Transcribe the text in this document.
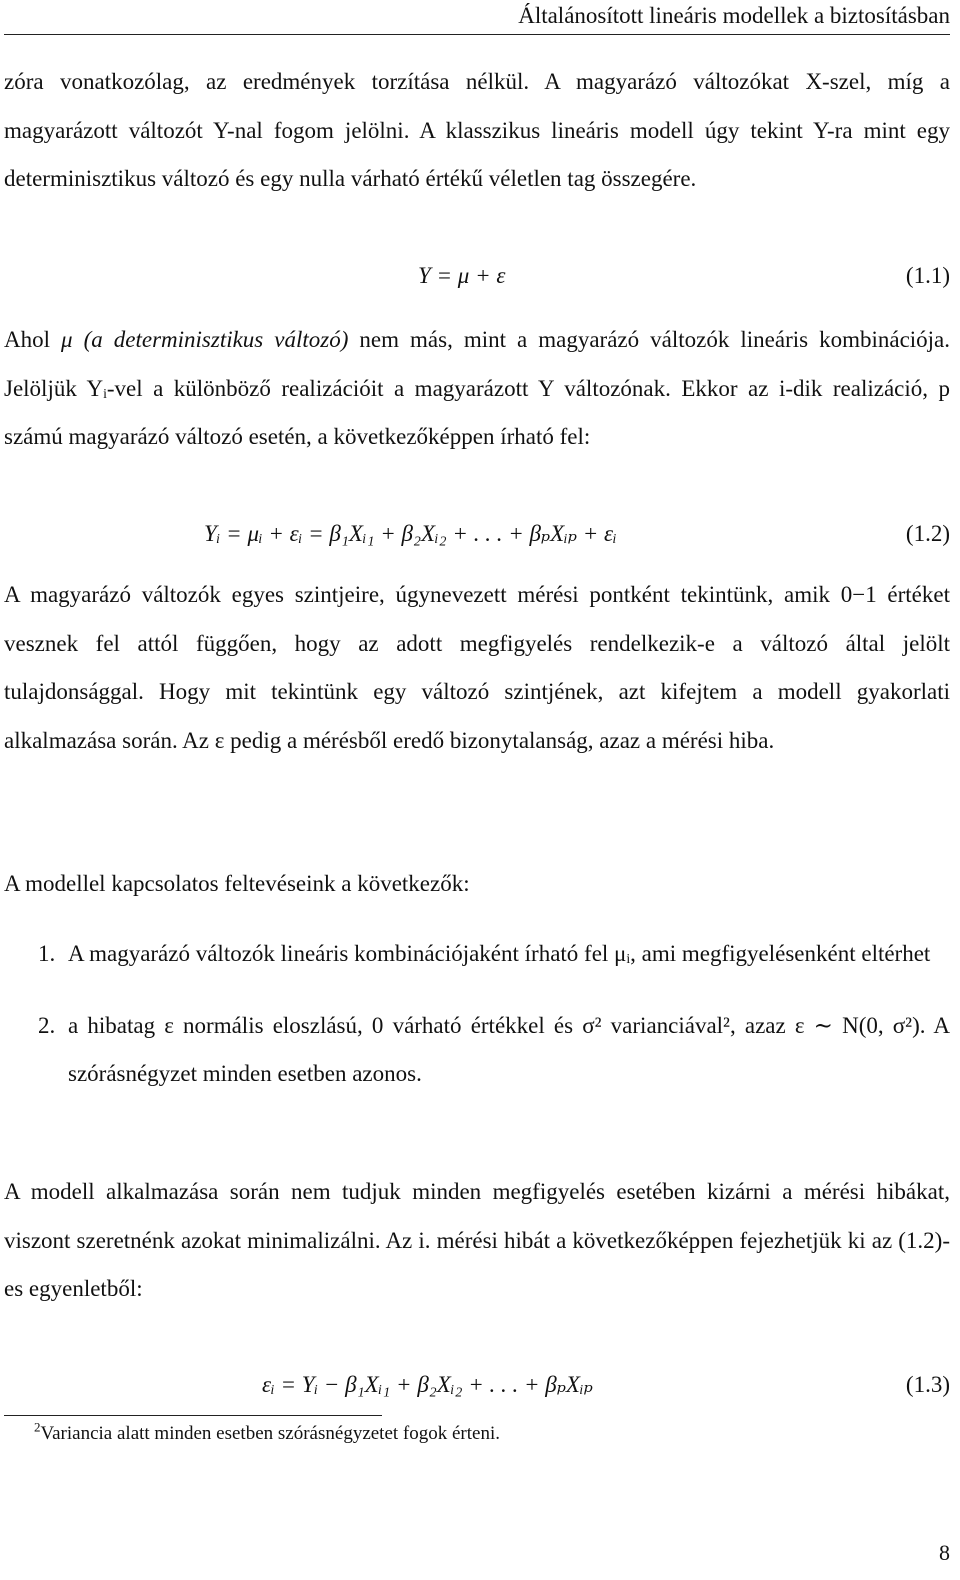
Általánosított lineáris modellek a biztosításban
zóra vonatkozólag, az eredmények torzítása nélkül. A magyarázó változókat X-szel, míg a magyarázott változót Y-nal fogom jelölni. A klasszikus lineáris modell úgy tekint Y-ra mint egy determinisztikus változó és egy nulla várható értékű véletlen tag összegére.
Y = μ + ε	(1.1)
Ahol μ (a determinisztikus változó) nem más, mint a magyarázó változók lineáris kombinációja. Jelöljük Yᵢ-vel a különböző realizációit a magyarázott Y változónak. Ekkor az i-dik realizáció, p számú magyarázó változó esetén, a következőképpen írható fel:
Yᵢ = μᵢ + εᵢ = β₁Xᵢ₁ + β₂Xᵢ₂ + . . . + βₚXᵢₚ + εᵢ	(1.2)
A magyarázó változók egyes szintjeire, úgynevezett mérési pontként tekintünk, amik 0−1 értéket vesznek fel attól függően, hogy az adott megfigyelés rendelkezik-e a változó által jelölt tulajdonsággal. Hogy mit tekintünk egy változó szintjének, azt kifejtem a modell gyakorlati alkalmazása során. Az ε pedig a mérésből eredő bizonytalanság, azaz a mérési hiba.
A modellel kapcsolatos feltevéseink a következők:
1. A magyarázó változók lineáris kombinációjaként írható fel μᵢ, ami megfigyelésenként eltérhet
2. a hibatag ε normális eloszlású, 0 várható értékkel és σ² varianciával², azaz ε ∼ N(0, σ²). A szórásnégyzet minden esetben azonos.
A modell alkalmazása során nem tudjuk minden megfigyelés esetében kizárni a mérési hibákat, viszont szeretnénk azokat minimalizálni. Az i. mérési hibát a következőképpen fejezhetjük ki az (1.2)-es egyenletből:
εᵢ = Yᵢ − β₁Xᵢ₁ + β₂Xᵢ₂ + . . . + βₚXᵢₚ	(1.3)
$^2$Variancia alatt minden esetben szórásnégyzetet fogok érteni.
8
